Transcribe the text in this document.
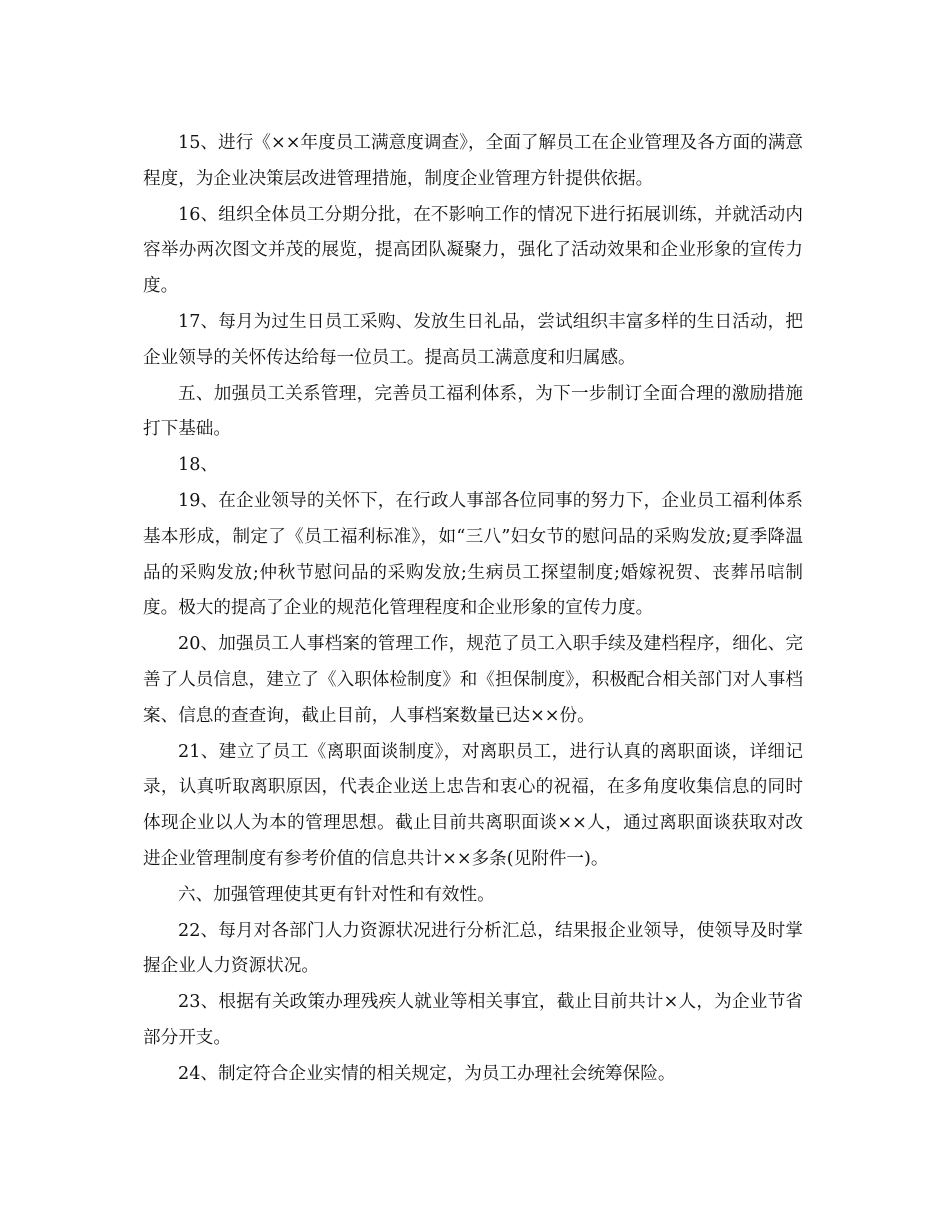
15、进行《××年度员工满意度调查》，全面了解员工在企业管理及各方面的满意程度，为企业决策层改进管理措施，制度企业管理方针提供依据。

16、组织全体员工分期分批，在不影响工作的情况下进行拓展训练，并就活动内容举办两次图文并茂的展览，提高团队凝聚力，强化了活动效果和企业形象的宣传力度。

17、每月为过生日员工采购、发放生日礼品，尝试组织丰富多样的生日活动，把企业领导的关怀传达给每一位员工。提高员工满意度和归属感。

五、加强员工关系管理，完善员工福利体系，为下一步制订全面合理的激励措施打下基础。

18、

19、在企业领导的关怀下，在行政人事部各位同事的努力下，企业员工福利体系基本形成，制定了《员工福利标准》，如“三八”妇女节的慰问品的采购发放;夏季降温品的采购发放;仲秋节慰问品的采购发放;生病员工探望制度;婚嫁祝贺、丧葬吊唁制度。极大的提高了企业的规范化管理程度和企业形象的宣传力度。

20、加强员工人事档案的管理工作，规范了员工入职手续及建档程序，细化、完善了人员信息，建立了《入职体检制度》和《担保制度》，积极配合相关部门对人事档案、信息的查查询，截止目前，人事档案数量已达××份。

21、建立了员工《离职面谈制度》，对离职员工，进行认真的离职面谈，详细记录，认真听取离职原因，代表企业送上忠告和衷心的祝福，在多角度收集信息的同时体现企业以人为本的管理思想。截止目前共离职面谈××人，通过离职面谈获取对改进企业管理制度有参考价值的信息共计××多条(见附件一)。

六、加强管理使其更有针对性和有效性。

22、每月对各部门人力资源状况进行分析汇总，结果报企业领导，使领导及时掌握企业人力资源状况。

23、根据有关政策办理残疾人就业等相关事宜，截止目前共计×人，为企业节省部分开支。

24、制定符合企业实情的相关规定，为员工办理社会统筹保险。
